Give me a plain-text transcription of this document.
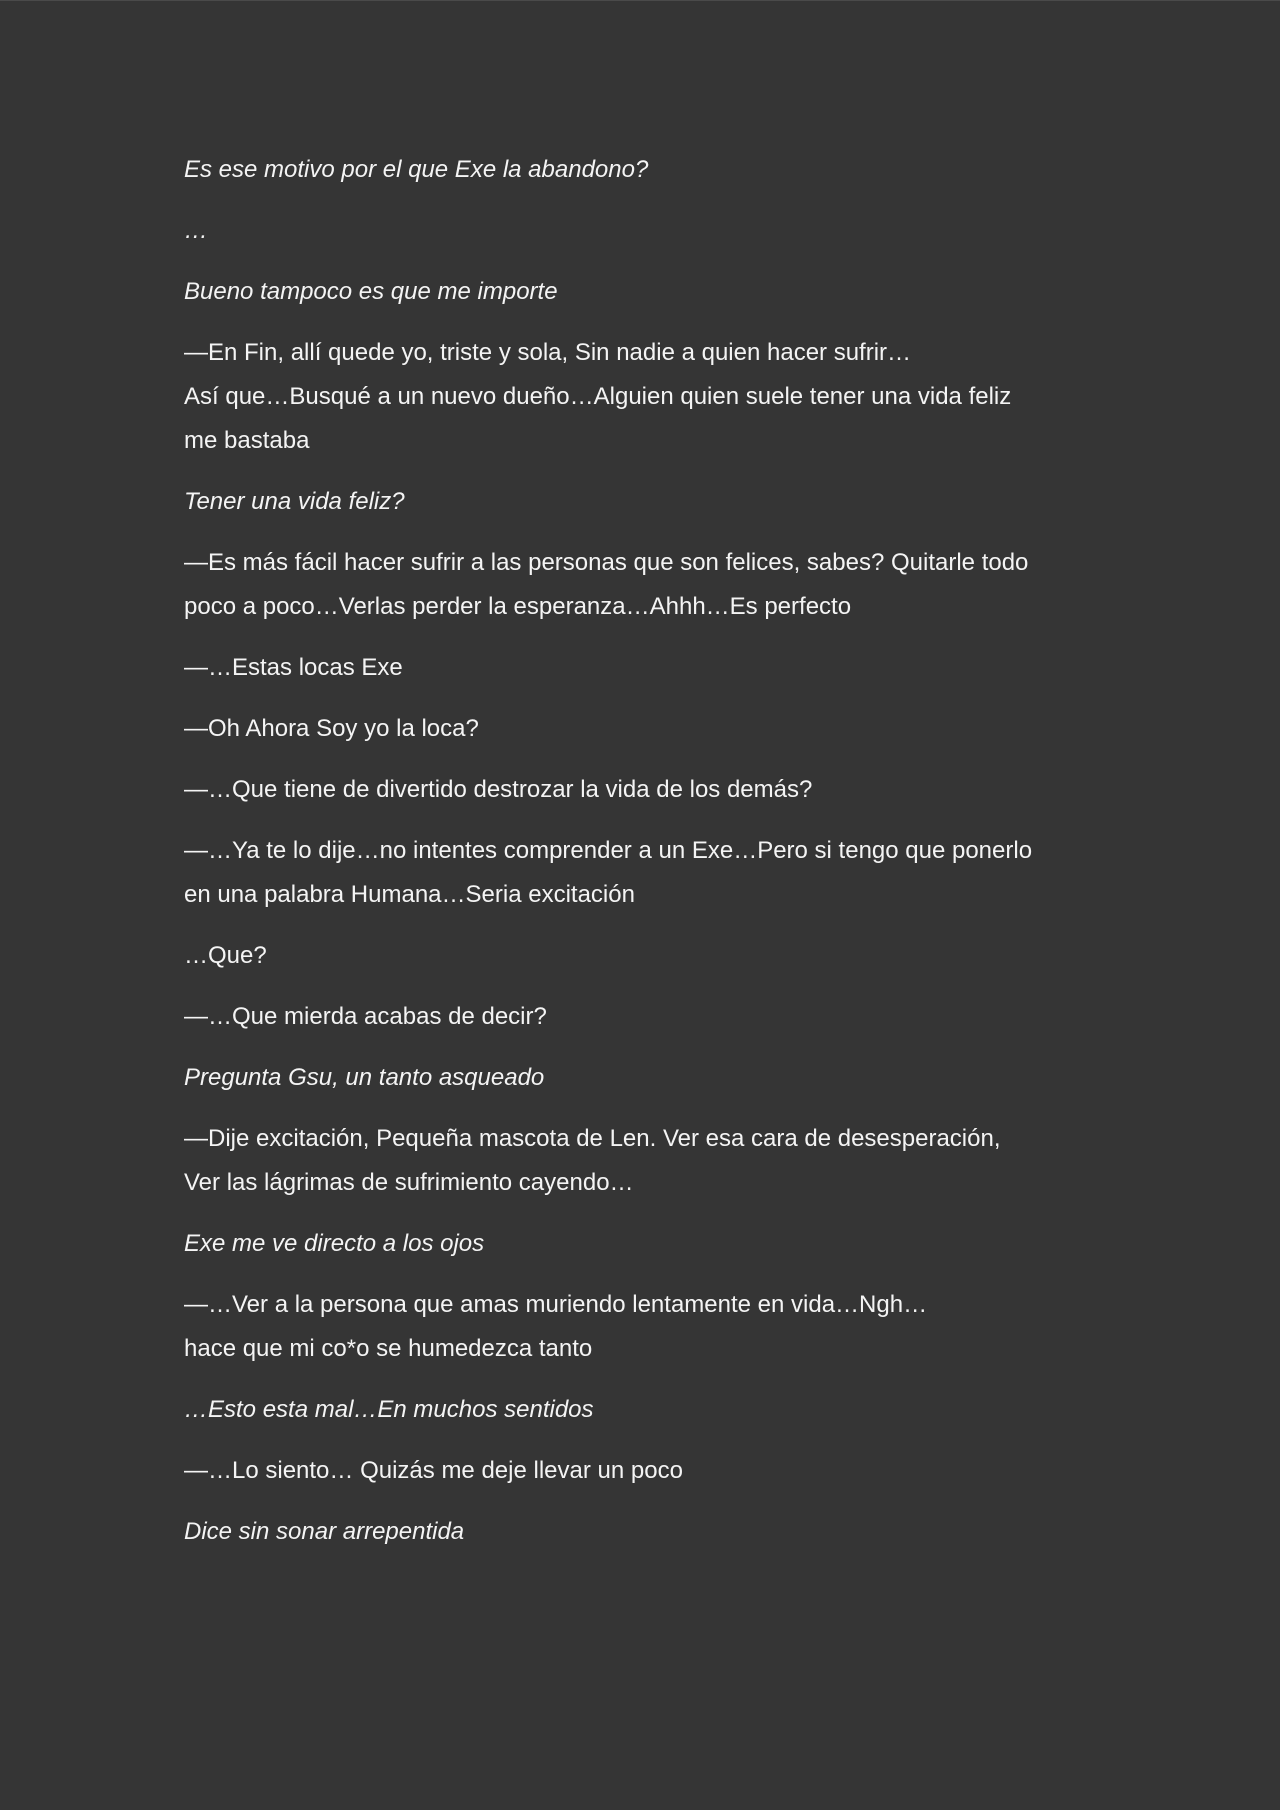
Es ese motivo por el que Exe la abandono?

…

Bueno tampoco es que me importe

—En Fin, allí quede yo, triste y sola, Sin nadie a quien hacer sufrir…
Así que…Busqué a un nuevo dueño…Alguien quien suele tener una vida feliz
me bastaba

Tener una vida feliz?

—Es más fácil hacer sufrir a las personas que son felices, sabes? Quitarle todo
poco a poco…Verlas perder la esperanza…Ahhh…Es perfecto

—…Estas locas Exe

—Oh Ahora Soy yo la loca?

—…Que tiene de divertido destrozar la vida de los demás?

—…Ya te lo dije…no intentes comprender a un Exe…Pero si tengo que ponerlo
en una palabra Humana…Seria excitación

…Que?

—…Que mierda acabas de decir?

Pregunta Gsu, un tanto asqueado

—Dije excitación, Pequeña mascota de Len. Ver esa cara de desesperación,
Ver las lágrimas de sufrimiento cayendo…

Exe me ve directo a los ojos

—…Ver a la persona que amas muriendo lentamente en vida…Ngh…
hace que mi co*o se humedezca tanto

…Esto esta mal…En muchos sentidos

—…Lo siento… Quizás me deje llevar un poco

Dice sin sonar arrepentida
